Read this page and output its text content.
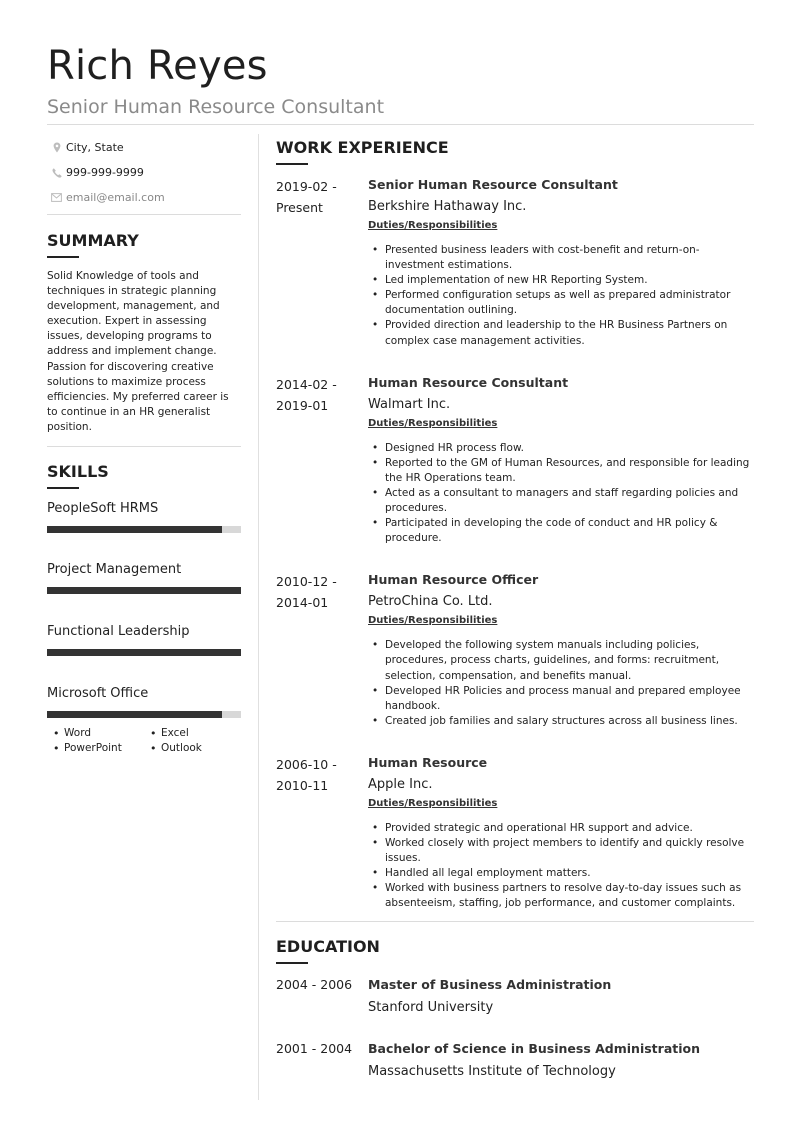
Rich Reyes
Senior Human Resource Consultant
City, State
999-999-9999
email@email.com
SUMMARY
Solid Knowledge of tools and techniques in strategic planning development, management, and execution. Expert in assessing issues, developing programs to address and implement change. Passion for discovering creative solutions to maximize process efficiencies. My preferred career is to continue in an HR generalist position.
SKILLS
PeopleSoft HRMS
Project Management
Functional Leadership
Microsoft Office
• Word	• Excel
• PowerPoint	• Outlook
WORK EXPERIENCE
2019-02 -
Present
Senior Human Resource Consultant
Berkshire Hathaway Inc.
Duties/Responsibilities
• Presented business leaders with cost-benefit and return-on-investment estimations.
• Led implementation of new HR Reporting System.
• Performed configuration setups as well as prepared administrator documentation outlining.
• Provided direction and leadership to the HR Business Partners on complex case management activities.
2014-02 -
2019-01
Human Resource Consultant
Walmart Inc.
Duties/Responsibilities
• Designed HR process flow.
• Reported to the GM of Human Resources, and responsible for leading the HR Operations team.
• Acted as a consultant to managers and staff regarding policies and procedures.
• Participated in developing the code of conduct and HR policy & procedure.
2010-12 -
2014-01
Human Resource Officer
PetroChina Co. Ltd.
Duties/Responsibilities
• Developed the following system manuals including policies, procedures, process charts, guidelines, and forms: recruitment, selection, compensation, and benefits manual.
• Developed HR Policies and process manual and prepared employee handbook.
• Created job families and salary structures across all business lines.
2006-10 -
2010-11
Human Resource
Apple Inc.
Duties/Responsibilities
• Provided strategic and operational HR support and advice.
• Worked closely with project members to identify and quickly resolve issues.
• Handled all legal employment matters.
• Worked with business partners to resolve day-to-day issues such as absenteeism, staffing, job performance, and customer complaints.
EDUCATION
2004 - 2006	Master of Business Administration
Stanford University
2001 - 2004	Bachelor of Science in Business Administration
Massachusetts Institute of Technology
